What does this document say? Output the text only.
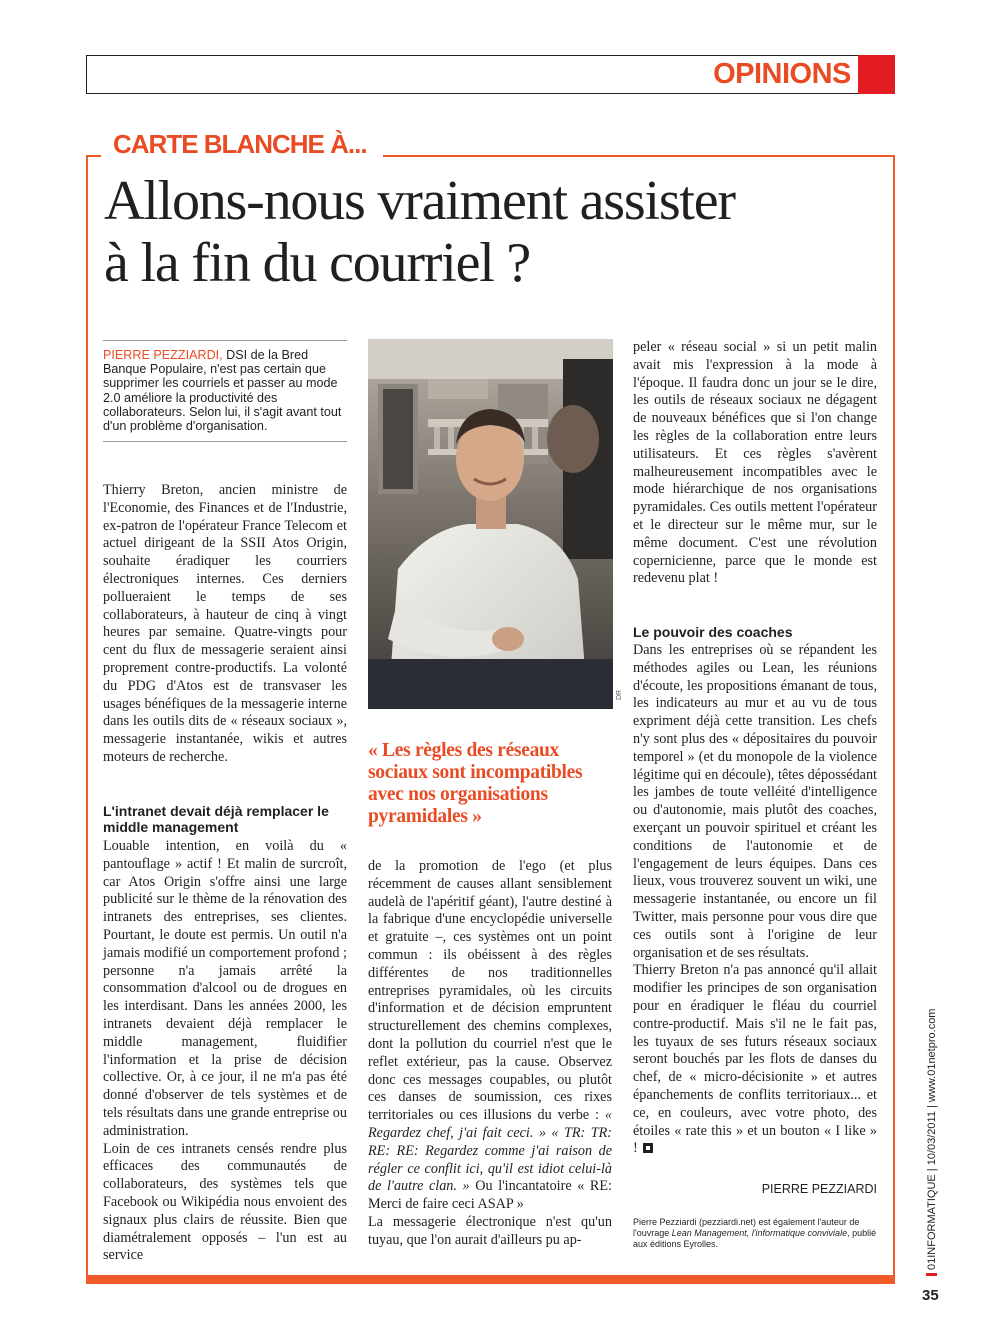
OPINIONS
CARTE BLANCHE À...
Allons-nous vraiment assister
à la fin du courriel ?
PIERRE PEZZIARDI, DSI de la Bred Banque Populaire, n'est pas certain que supprimer les courriels et passer au mode 2.0 améliore la productivité des collaborateurs. Selon lui, il s'agit avant tout d'un problème d'organisation.

Thierry Breton, ancien ministre de l'Economie, des Finances et de l'Industrie, ex-patron de l'opérateur France Telecom et actuel dirigeant de la SSII Atos Origin, souhaite éradiquer les courriers électroniques internes. Ces derniers pollueraient le temps de ses collaborateurs, à hauteur de cinq à vingt heures par semaine. Quatre-vingts pour cent du flux de messagerie seraient ainsi proprement contre-productifs. La volonté du PDG d'Atos est de transvaser les usages bénéfiques de la messagerie interne dans les outils dits de « réseaux sociaux », messagerie instantanée, wikis et autres moteurs de recherche.

L'intranet devait déjà remplacer le middle management

Louable intention, en voilà du « pantouflage » actif ! Et malin de surcroît, car Atos Origin s'offre ainsi une large publicité sur le thème de la rénovation des intranets des entreprises, ses clientes. Pourtant, le doute est permis. Un outil n'a jamais modifié un comportement profond ; personne n'a jamais arrêté la consommation d'alcool ou de drogues en les interdisant. Dans les années 2000, les intranets devaient déjà remplacer le middle management, fluidifier l'information et la prise de décision collective. Or, à ce jour, il ne m'a pas été donné d'observer de tels systèmes et de tels résultats dans une grande entreprise ou administration.

Loin de ces intranets censés rendre plus efficaces des communautés de collaborateurs, des systèmes tels que Facebook ou Wikipédia nous envoient des signaux plus clairs de réussite. Bien que diamétralement opposés – l'un est au service

DR
« Les règles des réseaux sociaux sont incompatibles avec nos organisations pyramidales »

de la promotion de l'ego (et plus récemment de causes allant sensiblement audelà de l'apéritif géant), l'autre destiné à la fabrique d'une encyclopédie universelle et gratuite –, ces systèmes ont un point commun : ils obéissent à des règles différentes de nos traditionnelles entreprises pyramidales, où les circuits d'information et de décision empruntent structurellement des chemins complexes, dont la pollution du courriel n'est que le reflet extérieur, pas la cause. Observez donc ces messages coupables, ou plutôt ces danses de soumission, ces rixes territoriales ou ces illusions du verbe : « Regardez chef, j'ai fait ceci. » « TR: TR: RE: RE: Regardez comme j'ai raison de régler ce conflit ici, qu'il est idiot celui-là de l'autre clan. » Ou l'incantatoire « RE: Merci de faire ceci ASAP »

La messagerie électronique n'est qu'un tuyau, que l'on aurait d'ailleurs pu ap-

peler « réseau social » si un petit malin avait mis l'expression à la mode à l'époque. Il faudra donc un jour se le dire, les outils de réseaux sociaux ne dégagent de nouveaux bénéfices que si l'on change les règles de la collaboration entre leurs utilisateurs. Et ces règles s'avèrent malheureusement incompatibles avec le mode hiérarchique de nos organisations pyramidales. Ces outils mettent l'opérateur et le directeur sur le même mur, sur le même document. C'est une révolution copernicienne, parce que le monde est redevenu plat !

Le pouvoir des coaches

Dans les entreprises où se répandent les méthodes agiles ou Lean, les réunions d'écoute, les propositions émanant de tous, les indicateurs au mur et au vu de tous expriment déjà cette transition. Les chefs n'y sont plus des « dépositaires du pouvoir temporel » (et du monopole de la violence légitime qui en découle), têtes dépossédant les jambes de toute velléité d'intelligence ou d'autonomie, mais plutôt des coaches, exerçant un pouvoir spirituel et créant les conditions de l'autonomie et de l'engagement de leurs équipes. Dans ces lieux, vous trouverez souvent un wiki, une messagerie instantanée, ou encore un fil Twitter, mais personne pour vous dire que ces outils sont à l'origine de leur organisation et de ses résultats.

Thierry Breton n'a pas annoncé qu'il allait modifier les principes de son organisation pour en éradiquer le fléau du courriel contre-productif. Mais s'il ne le fait pas, les tuyaux de ses futurs réseaux sociaux seront bouchés par les flots de danses du chef, de « micro-décisionite » et autres épanchements de conflits territoriaux... et ce, en couleurs, avec votre photo, des étoiles « rate this » et un bouton « I like » !

PIERRE PEZZIARDI
Pierre Pezziardi (pezziardi.net) est également l'auteur de l'ouvrage Lean Management, l'informatique conviviale, publié aux éditions Eyrolles.	01INFORMATIQUE | 10/03/2011 | www.01netpro.com
35
